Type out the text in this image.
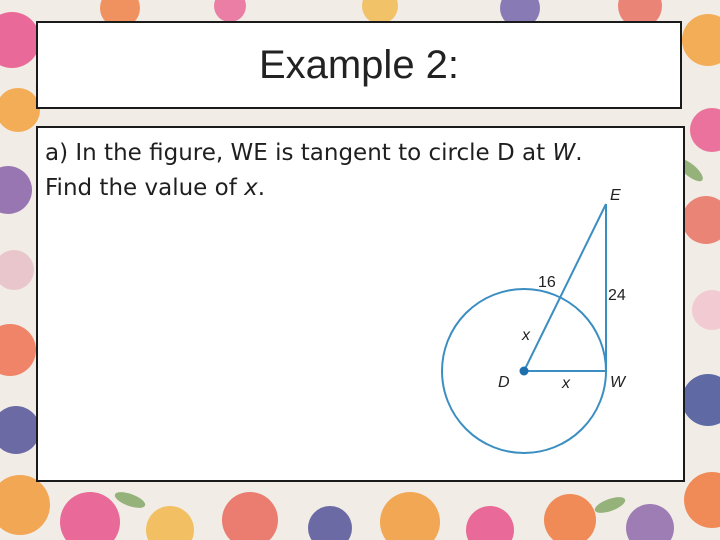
Example 2:

a) In the figure, WE is tangent to circle D at W.

Find the value of x.	E
D	W
16
24
x
x
